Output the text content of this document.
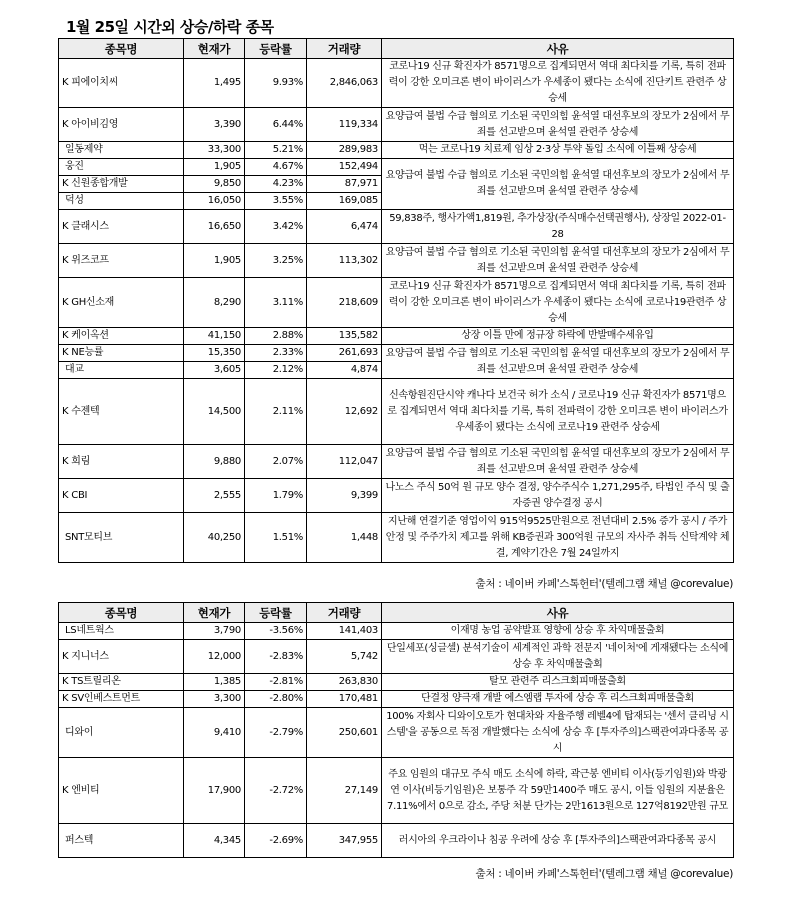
1월 25일 시간외 상승/하락 종목
종목명	현재가	등락률	거래량	사유
K 피에이치씨	1,495	9.93%	2,846,063	코로나19 신규 확진자가 8571명으로 집계되면서 역대 최다치를 기록, 특히 전파력이 강한 오미크론 변이 바이러스가 우세종이 됐다는 소식에 진단키트 관련주 상승세
K 아이비김영	3,390	6.44%	119,334	요양급여 불법 수급 혐의로 기소된 국민의힘 윤석열 대선후보의 장모가 2심에서 무죄를 선고받으며 윤석열 관련주 상승세
일동제약	33,300	5.21%	289,983	먹는 코로나19 치료제 임상 2·3상 투약 돌입 소식에 이틀째 상승세
웅진	1,905	4.67%	152,494	요양급여 불법 수급 혐의로 기소된 국민의힘 윤석열 대선후보의 장모가 2심에서 무죄를 선고받으며 윤석열 관련주 상승세
K 신원종합개발	9,850	4.23%	87,971	
덕성	16,050	3.55%	169,085	
K 클래시스	16,650	3.42%	6,474	59,838주, 행사가액1,819원, 추가상장(주식매수선택권행사), 상장일 2022-01-28
K 위즈코프	1,905	3.25%	113,302	요양급여 불법 수급 혐의로 기소된 국민의힘 윤석열 대선후보의 장모가 2심에서 무죄를 선고받으며 윤석열 관련주 상승세
K GH신소재	8,290	3.11%	218,609	코로나19 신규 확진자가 8571명으로 집계되면서 역대 최다치를 기록, 특히 전파력이 강한 오미크론 변이 바이러스가 우세종이 됐다는 소식에 코로나19관련주 상승세
K 케이옥션	41,150	2.88%	135,582	상장 이틀 만에 정규장 하락에 반발매수세유입
K NE능률	15,350	2.33%	261,693	요양급여 불법 수급 혐의로 기소된 국민의힘 윤석열 대선후보의 장모가 2심에서 무죄를 선고받으며 윤석열 관련주 상승세
대교	3,605	2.12%	4,874	
K 수젠텍	14,500	2.11%	12,692	신속항원진단시약 캐나다 보건국 허가 소식 / 코로나19 신규 확진자가 8571명으로 집계되면서 역대 최다치를 기록, 특히 전파력이 강한 오미크론 변이 바이러스가 우세종이 됐다는 소식에 코로나19 관련주 상승세
K 희림	9,880	2.07%	112,047	요양급여 불법 수급 혐의로 기소된 국민의힘 윤석열 대선후보의 장모가 2심에서 무죄를 선고받으며 윤석열 관련주 상승세
K CBI	2,555	1.79%	9,399	나노스 주식 50억 원 규모 양수 결정, 양수주식수 1,271,295주, 타법인 주식 및 출자증권 양수결정 공시
SNT모티브	40,250	1.51%	1,448	지난해 연결기준 영업이익 915억9525만원으로 전년대비 2.5% 증가 공시 / 주가안정 및 주주가치 제고를 위해 KB증권과 300억원 규모의 자사주 취득 신탁계약 체결, 계약기간은 7월 24일까지
출처 : 네이버 카페'스톡헌터'(텔레그램 채널 @corevalue)
종목명	현재가	등락률	거래량	사유
LS네트웍스	3,790	-3.56%	141,403	이재명 농업 공약발표 영향에 상승 후 차익매물출회
K 지니너스	12,000	-2.83%	5,742	단일세포(싱글셀) 분석기술이 세계적인 과학 전문지 '네이처'에 게재됐다는 소식에 상승 후 차익매물출회
K TS트릴리온	1,385	-2.81%	263,830	탈모 관련주 리스크회피매물출회
K SV인베스트먼트	3,300	-2.80%	170,481	단결정 양극재 개발 에스엠랩 투자에 상승 후 리스크회피매물출회
디와이	9,410	-2.79%	250,601	100% 자회사 디와이오토가 현대차와 자율주행 레벨4에 탑재되는 '센서 클리닝 시스템'을 공동으로 독점 개발했다는 소식에 상승 후 [투자주의]스팩관여과다종목 공시
K 엔비티	17,900	-2.72%	27,149	주요 임원의 대규모 주식 매도 소식에 하락, 곽근봉 엔비티 이사(등기임원)와 박광연 이사(비등기임원)은 보통주 각 59만1400주 매도 공시, 이들 임원의 지분율은 7.11%에서 0으로 감소, 주당 처분 단가는 2만1613원으로 127억8192만원 규모
퍼스텍	4,345	-2.69%	347,955	러시아의 우크라이나 침공 우려에 상승 후 [투자주의]스팩관여과다종목 공시
출처 : 네이버 카페'스톡헌터'(텔레그램 채널 @corevalue)
